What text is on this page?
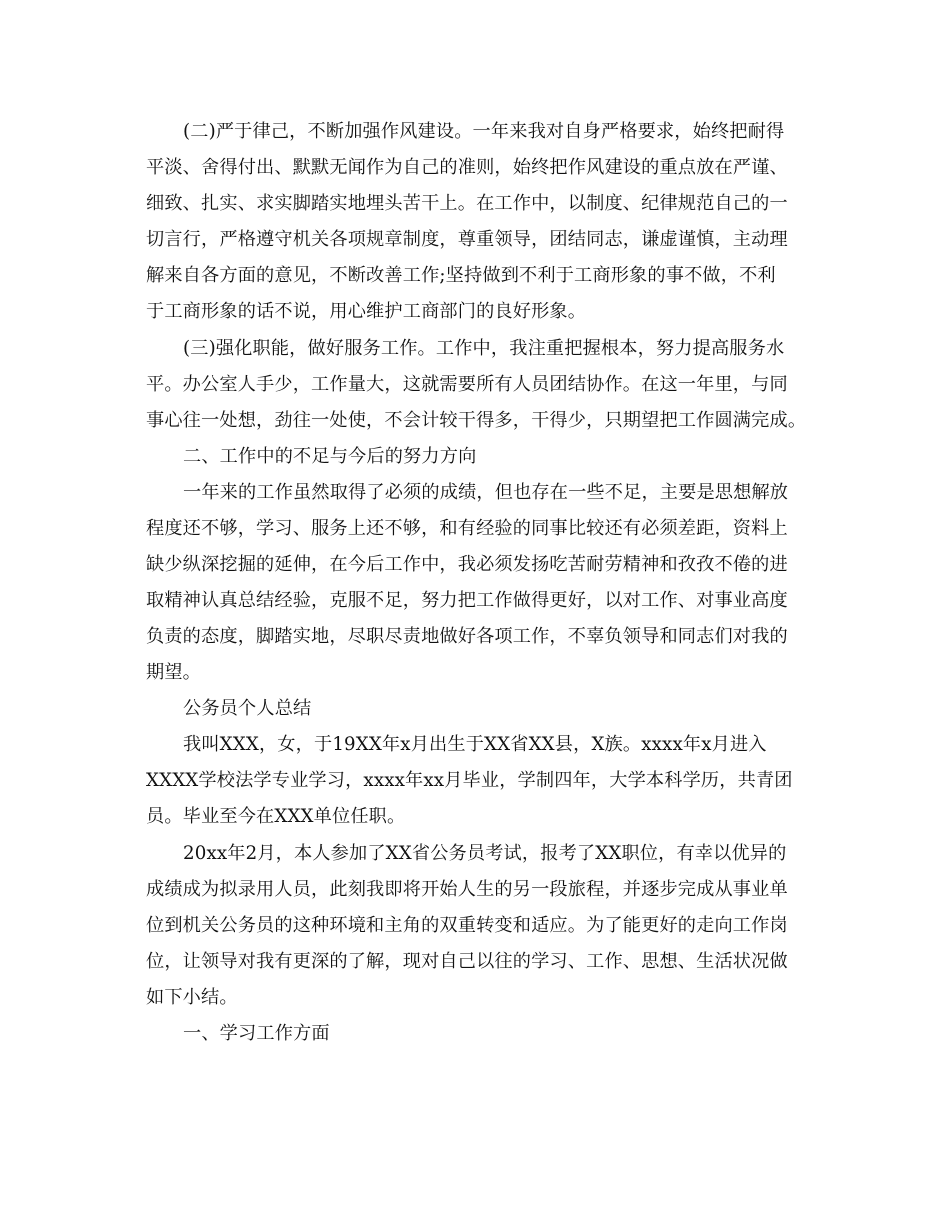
(二)严于律己，不断加强作风建设。一年来我对自身严格要求，始终把耐得

平淡、舍得付出、默默无闻作为自己的准则，始终把作风建设的重点放在严谨、

细致、扎实、求实脚踏实地埋头苦干上。在工作中，以制度、纪律规范自己的一

切言行，严格遵守机关各项规章制度，尊重领导，团结同志，谦虚谨慎，主动理

解来自各方面的意见，不断改善工作;坚持做到不利于工商形象的事不做，不利

于工商形象的话不说，用心维护工商部门的良好形象。

(三)强化职能，做好服务工作。工作中，我注重把握根本，努力提高服务水

平。办公室人手少，工作量大，这就需要所有人员团结协作。在这一年里，与同

事心往一处想，劲往一处使，不会计较干得多，干得少，只期望把工作圆满完成。

二、工作中的不足与今后的努力方向

一年来的工作虽然取得了必须的成绩，但也存在一些不足，主要是思想解放

程度还不够，学习、服务上还不够，和有经验的同事比较还有必须差距，资料上

缺少纵深挖掘的延伸，在今后工作中，我必须发扬吃苦耐劳精神和孜孜不倦的进

取精神认真总结经验，克服不足，努力把工作做得更好，以对工作、对事业高度

负责的态度，脚踏实地，尽职尽责地做好各项工作，不辜负领导和同志们对我的

期望。

公务员个人总结

我叫XXX，女，于19XX年x月出生于XX省XX县，X族。xxxx年x月进入

XXXX学校法学专业学习，xxxx年xx月毕业，学制四年，大学本科学历，共青团

员。毕业至今在XXX单位任职。

20xx年2月，本人参加了XX省公务员考试，报考了XX职位，有幸以优异的

成绩成为拟录用人员，此刻我即将开始人生的另一段旅程，并逐步完成从事业单

位到机关公务员的这种环境和主角的双重转变和适应。为了能更好的走向工作岗

位，让领导对我有更深的了解，现对自己以往的学习、工作、思想、生活状况做

如下小结。

一、学习工作方面
